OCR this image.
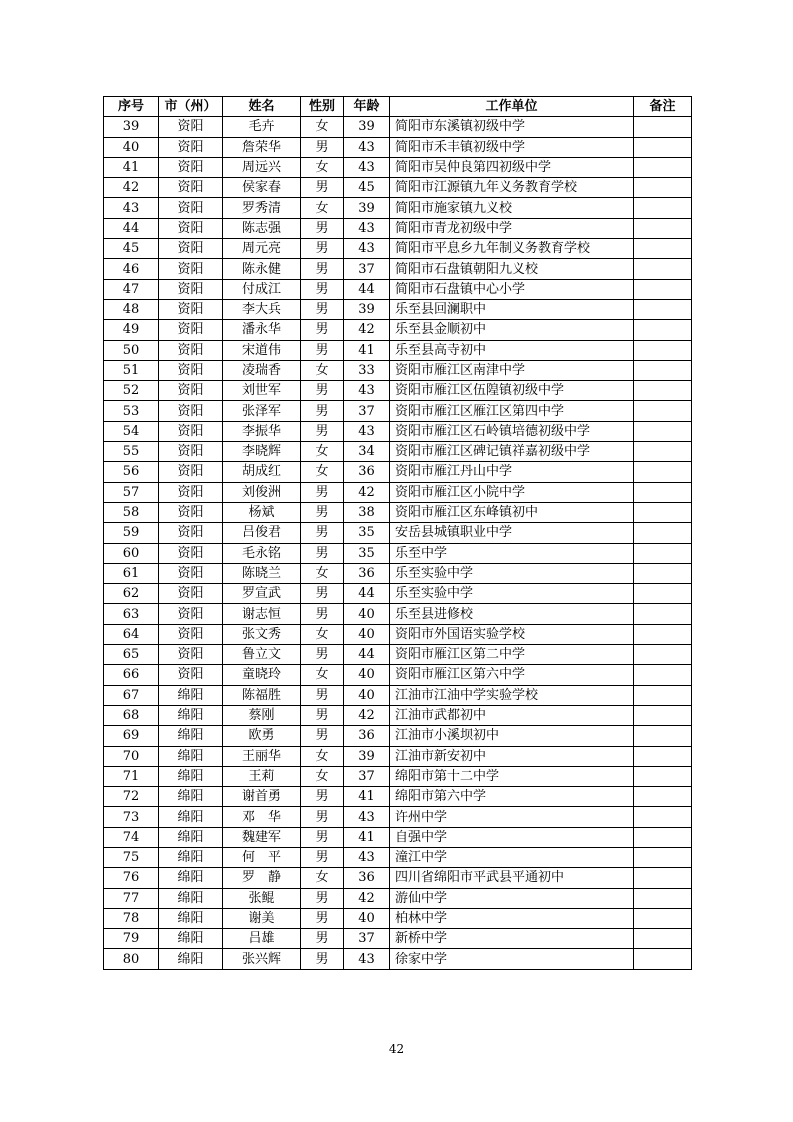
序号	市（州）	姓名	性别	年龄	工作单位	备注
39	资阳	毛卉	女	39	简阳市东溪镇初级中学	
40	资阳	詹荣华	男	43	简阳市禾丰镇初级中学	
41	资阳	周远兴	女	43	简阳市吴仲良第四初级中学	
42	资阳	侯家春	男	45	简阳市江源镇九年义务教育学校	
43	资阳	罗秀清	女	39	简阳市施家镇九义校	
44	资阳	陈志强	男	43	简阳市青龙初级中学	
45	资阳	周元亮	男	43	简阳市平息乡九年制义务教育学校	
46	资阳	陈永健	男	37	简阳市石盘镇朝阳九义校	
47	资阳	付成江	男	44	简阳市石盘镇中心小学	
48	资阳	李大兵	男	39	乐至县回澜职中	
49	资阳	潘永华	男	42	乐至县金顺初中	
50	资阳	宋道伟	男	41	乐至县高寺初中	
51	资阳	凌瑞香	女	33	资阳市雁江区南津中学	
52	资阳	刘世军	男	43	资阳市雁江区伍隍镇初级中学	
53	资阳	张泽军	男	37	资阳市雁江区雁江区第四中学	
54	资阳	李振华	男	43	资阳市雁江区石岭镇培德初级中学	
55	资阳	李晓辉	女	34	资阳市雁江区碑记镇祥嘉初级中学	
56	资阳	胡成红	女	36	资阳市雁江丹山中学	
57	资阳	刘俊洲	男	42	资阳市雁江区小院中学	
58	资阳	杨斌	男	38	资阳市雁江区东峰镇初中	
59	资阳	吕俊君	男	35	安岳县城镇职业中学	
60	资阳	毛永铭	男	35	乐至中学	
61	资阳	陈晓兰	女	36	乐至实验中学	
62	资阳	罗宣武	男	44	乐至实验中学	
63	资阳	谢志恒	男	40	乐至县进修校	
64	资阳	张文秀	女	40	资阳市外国语实验学校	
65	资阳	鲁立文	男	44	资阳市雁江区第二中学	
66	资阳	童晓玲	女	40	资阳市雁江区第六中学	
67	绵阳	陈福胜	男	40	江油市江油中学实验学校	
68	绵阳	蔡刚	男	42	江油市武都初中	
69	绵阳	欧勇	男	36	江油市小溪坝初中	
70	绵阳	王丽华	女	39	江油市新安初中	
71	绵阳	王莉	女	37	绵阳市第十二中学	
72	绵阳	谢首勇	男	41	绵阳市第六中学	
73	绵阳	邓　华	男	43	许州中学	
74	绵阳	魏建军	男	41	自强中学	
75	绵阳	何　平	男	43	潼江中学	
76	绵阳	罗　静	女	36	四川省绵阳市平武县平通初中	
77	绵阳	张鲲	男	42	游仙中学	
78	绵阳	谢美	男	40	柏林中学	
79	绵阳	吕雄	男	37	新桥中学	
80	绵阳	张兴辉	男	43	徐家中学	
42
